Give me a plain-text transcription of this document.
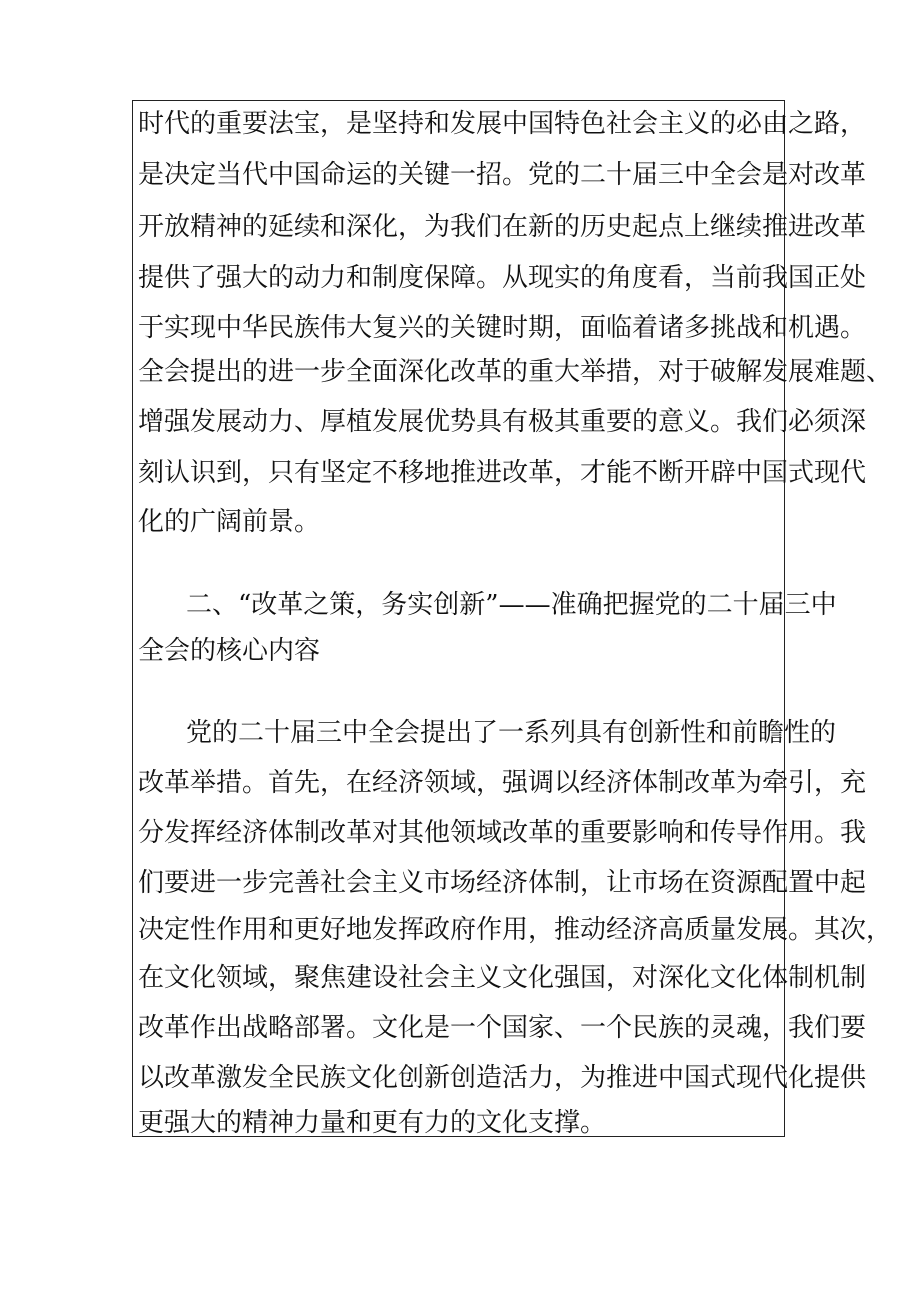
时代的重要法宝，是坚持和发展中国特色社会主义的必由之路，
是决定当代中国命运的关键一招。党的二十届三中全会是对改革
开放精神的延续和深化，为我们在新的历史起点上继续推进改革
提供了强大的动力和制度保障。从现实的角度看，当前我国正处
于实现中华民族伟大复兴的关键时期，面临着诸多挑战和机遇。
全会提出的进一步全面深化改革的重大举措，对于破解发展难题、
增强发展动力、厚植发展优势具有极其重要的意义。我们必须深
刻认识到，只有坚定不移地推进改革，才能不断开辟中国式现代
化的广阔前景。
二、“改革之策，务实创新”——准确把握党的二十届三中
全会的核心内容
党的二十届三中全会提出了一系列具有创新性和前瞻性的
改革举措。首先，在经济领域，强调以经济体制改革为牵引，充
分发挥经济体制改革对其他领域改革的重要影响和传导作用。我
们要进一步完善社会主义市场经济体制，让市场在资源配置中起
决定性作用和更好地发挥政府作用，推动经济高质量发展。其次，
在文化领域，聚焦建设社会主义文化强国，对深化文化体制机制
改革作出战略部署。文化是一个国家、一个民族的灵魂，我们要
以改革激发全民族文化创新创造活力，为推进中国式现代化提供
更强大的精神力量和更有力的文化支撑。
